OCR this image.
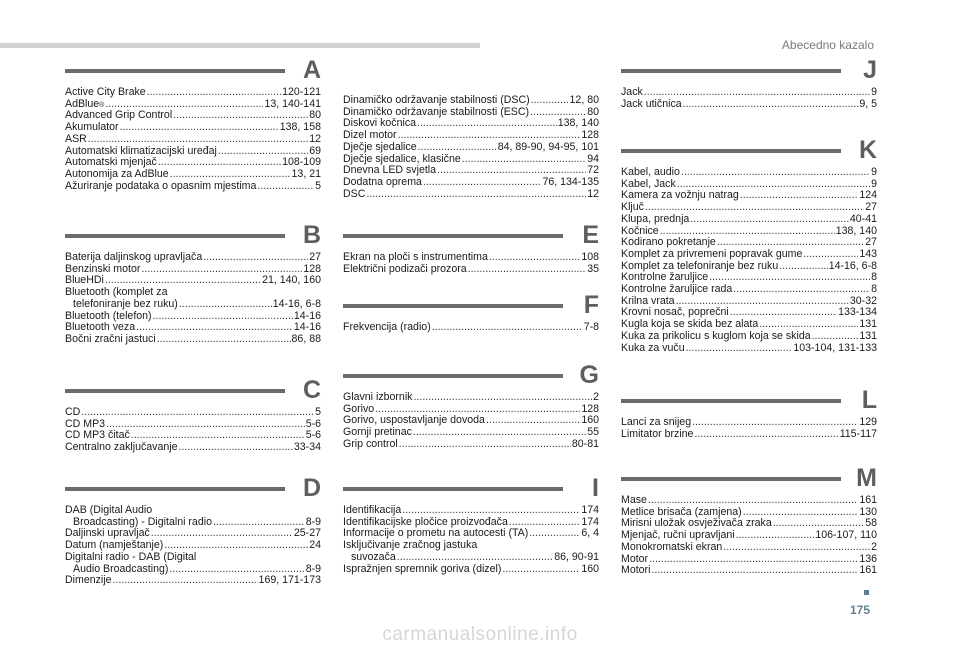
Abecedno kazalo
A
Active City Brake .....	120-121
AdBlue ® .....	13, 140-141
Advanced Grip Control .....	80
Akumulator .....	138, 158
ASR .....	12
Automatski klimatizacijski uređaj .....	69
Automatski mjenjač .....	108-109
Autonomija za AdBlue .....	13, 21
Ažuriranje podataka o opasnim mjestima .....	5
B
Baterija daljinskog upravljača .....	27
Benzinski motor .....	128
BlueHDi .....	21, 140, 160
Bluetooth (komplet za
telefoniranje bez ruku) .....	14-16, 6-8
Bluetooth (telefon) .....	14-16
Bluetooth veza .....	14-16
Bočni zračni jastuci .....	86, 88
C
CD .....	5
CD MP3 .....	5-6
CD MP3 čitač .....	5-6
Centralno zaključavanje .....	33-34
D
DAB (Digital Audio
Broadcasting) - Digitalni radio .....	8-9
Daljinski upravljač .....	25-27
Datum (namještanje) .....	24
Digitalni radio - DAB (Digital
Audio Broadcasting) .....	8-9
Dimenzije .....	169, 171-173
Dinamičko održavanje stabilnosti (DSC) .....	12, 80
Dinamičko održavanje stabilnosti (ESC) .....	80
Diskovi kočnica .....	138, 140
Dizel motor .....	128
Dječje sjedalice .....	84, 89-90, 94-95, 101
Dječje sjedalice, klasične .....	94
Dnevna LED svjetla .....	72
Dodatna oprema .....	76, 134-135
DSC .....	12
E
Ekran na ploči s instrumentima .....	108
Električni podizači prozora .....	35
F
Frekvencija (radio) .....	7-8
G
Glavni izbornik .....	2
Gorivo .....	128
Gorivo, uspostavljanje dovoda .....	160
Gornji pretinac .....	55
Grip control .....	80-81
I
Identifikacija .....	174
Identifikacijske pločice proizvođača .....	174
Informacije o prometu na autocesti (TA) .....	6, 4
Isključivanje zračnog jastuka
suvozača .....	86, 90-91
Ispražnjen spremnik goriva (dizel) .....	160
J
Jack .....	9
Jack utičnica .....	9, 5
K
Kabel, audio .....	9
Kabel, Jack .....	9
Kamera za vožnju natrag .....	124
Ključ .....	27
Klupa, prednja .....	40-41
Kočnice .....	138, 140
Kodirano pokretanje .....	27
Komplet za privremeni popravak gume .....	143
Komplet za telefoniranje bez ruku .....	14-16, 6-8
Kontrolne žaruljice .....	8
Kontrolne žaruljice rada .....	8
Krilna vrata .....	30-32
Krovni nosač, poprečni .....	133-134
Kugla koja se skida bez alata .....	131
Kuka za prikolicu s kuglom koja se skida .....	131
Kuka za vuču .....	103-104, 131-133
L
Lanci za snijeg .....	129
Limitator brzine .....	115-117
M
Mase .....	161
Metlice brisača (zamjena) .....	130
Mirisni uložak osvježivača zraka .....	58
Mjenjač, ručni upravljani .....	106-107, 110
Monokromatski ekran .....	2
Motor .....	136
Motori .....	161
175
carmanualsonline.info
